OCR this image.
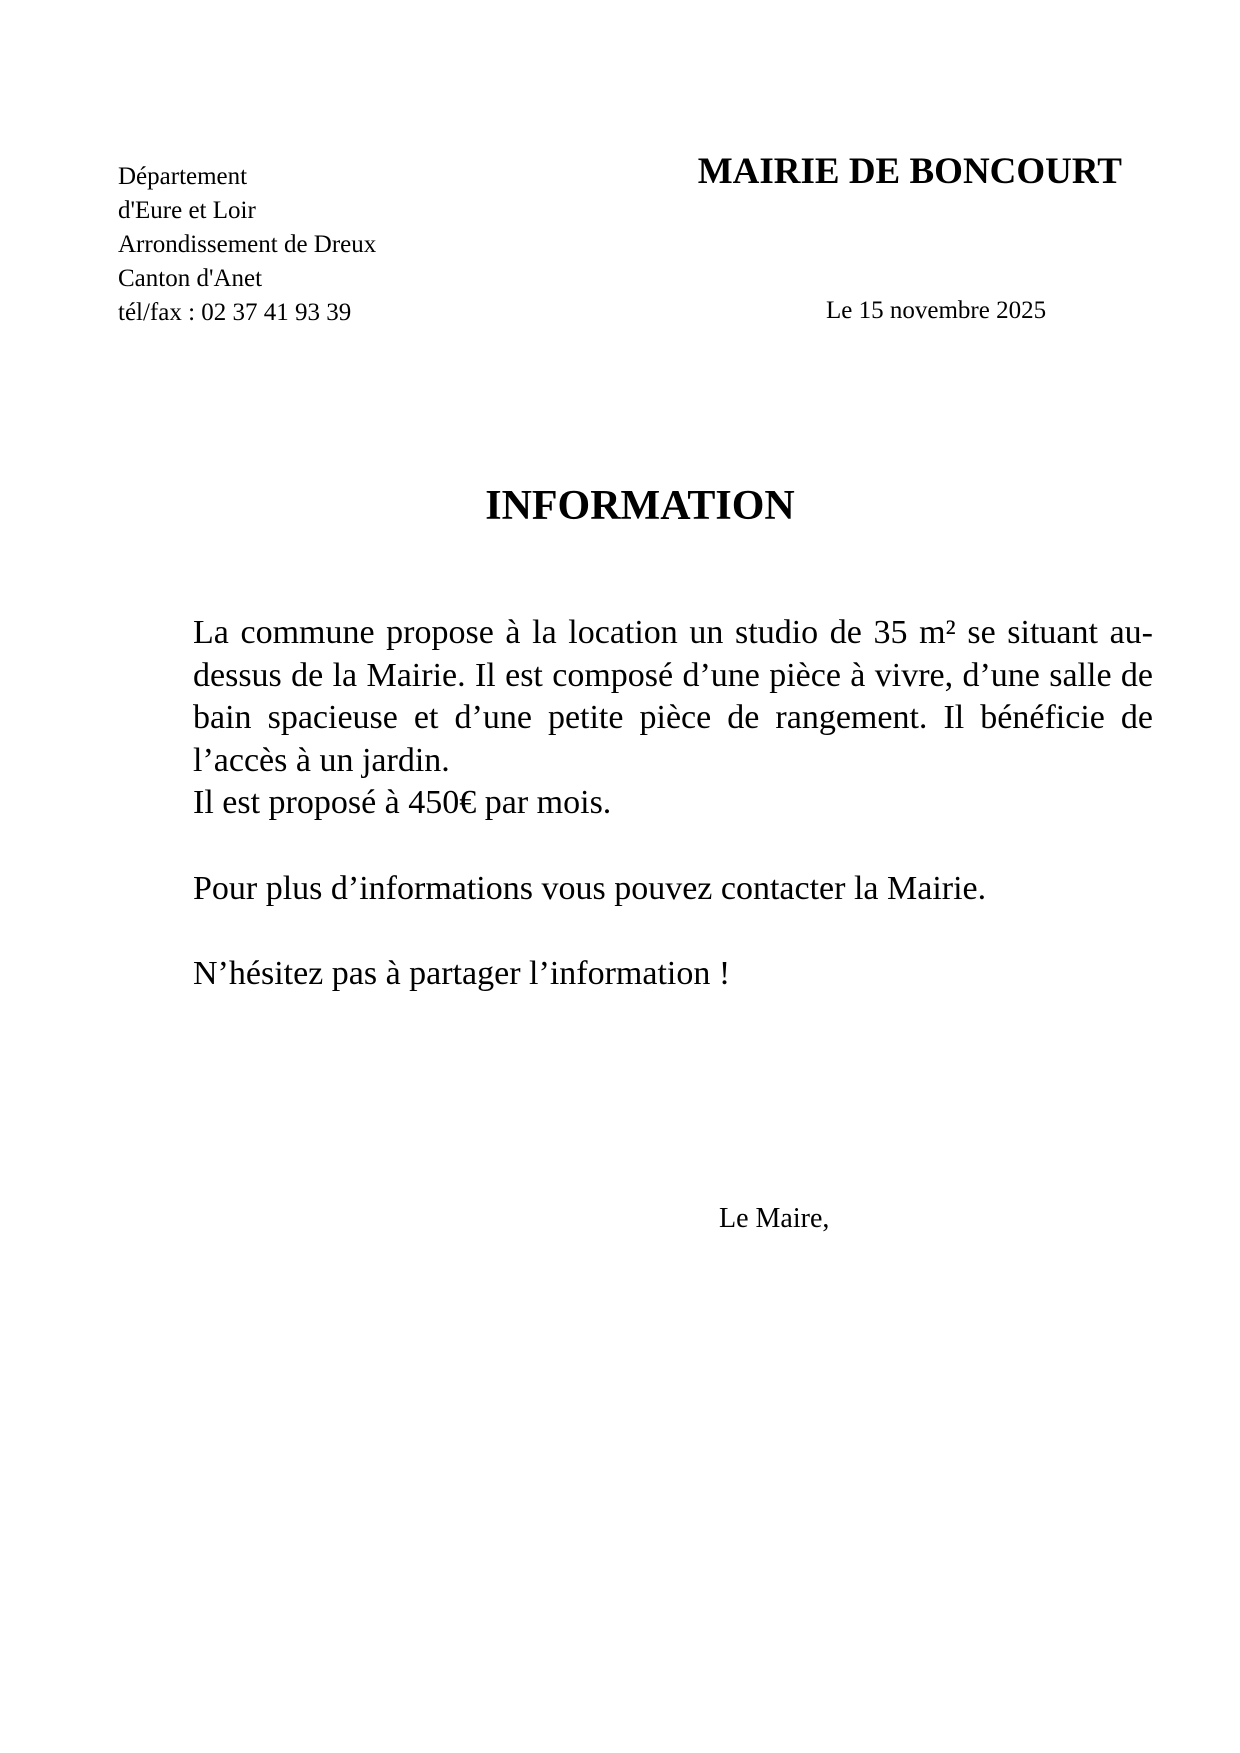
Département
d'Eure et Loir
Arrondissement de Dreux
Canton d'Anet
tél/fax : 02 37 41 93 39
MAIRIE DE BONCOURT
Le 15 novembre 2025
INFORMATION

La commune propose à la location un studio de 35 m² se situant au-dessus de la Mairie. Il est composé d’une pièce à vivre, d’une salle de bain spacieuse et d’une petite pièce de rangement. Il bénéficie de l’accès à un jardin.

Il est proposé à 450€ par mois.

Pour plus d’informations vous pouvez contacter la Mairie.

N’hésitez pas à partager l’information !

Le Maire,
